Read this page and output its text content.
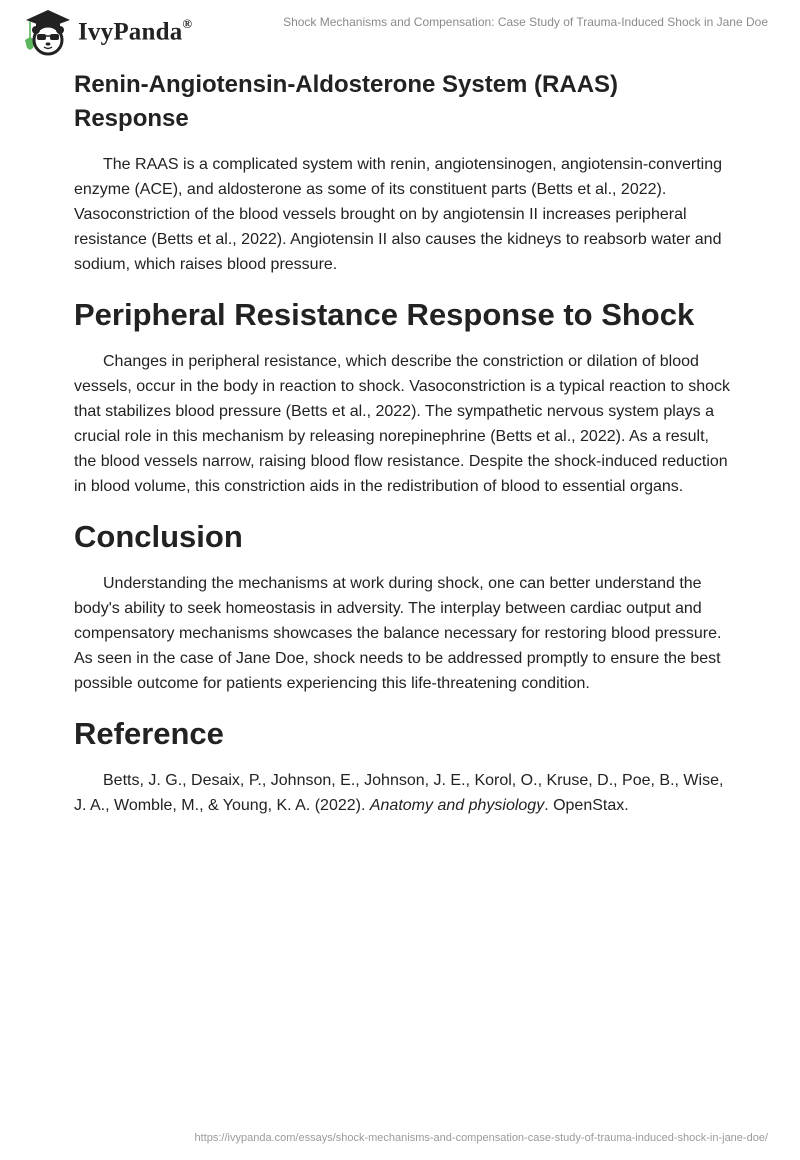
IvyPanda®	Shock Mechanisms and Compensation: Case Study of Trauma-Induced Shock in Jane Doe
Renin-Angiotensin-Aldosterone System (RAAS) Response

The RAAS is a complicated system with renin, angiotensinogen, angiotensin-converting enzyme (ACE), and aldosterone as some of its constituent parts (Betts et al., 2022). Vasoconstriction of the blood vessels brought on by angiotensin II increases peripheral resistance (Betts et al., 2022). Angiotensin II also causes the kidneys to reabsorb water and sodium, which raises blood pressure.

Peripheral Resistance Response to Shock

Changes in peripheral resistance, which describe the constriction or dilation of blood vessels, occur in the body in reaction to shock. Vasoconstriction is a typical reaction to shock that stabilizes blood pressure (Betts et al., 2022). The sympathetic nervous system plays a crucial role in this mechanism by releasing norepinephrine (Betts et al., 2022). As a result, the blood vessels narrow, raising blood flow resistance. Despite the shock-induced reduction in blood volume, this constriction aids in the redistribution of blood to essential organs.

Conclusion

Understanding the mechanisms at work during shock, one can better understand the body's ability to seek homeostasis in adversity. The interplay between cardiac output and compensatory mechanisms showcases the balance necessary for restoring blood pressure. As seen in the case of Jane Doe, shock needs to be addressed promptly to ensure the best possible outcome for patients experiencing this life-threatening condition.

Reference

Betts, J. G., Desaix, P., Johnson, E., Johnson, J. E., Korol, O., Kruse, D., Poe, B., Wise, J. A., Womble, M., & Young, K. A. (2022). Anatomy and physiology. OpenStax.

https://ivypanda.com/essays/shock-mechanisms-and-compensation-case-study-of-trauma-induced-shock-in-jane-doe/
